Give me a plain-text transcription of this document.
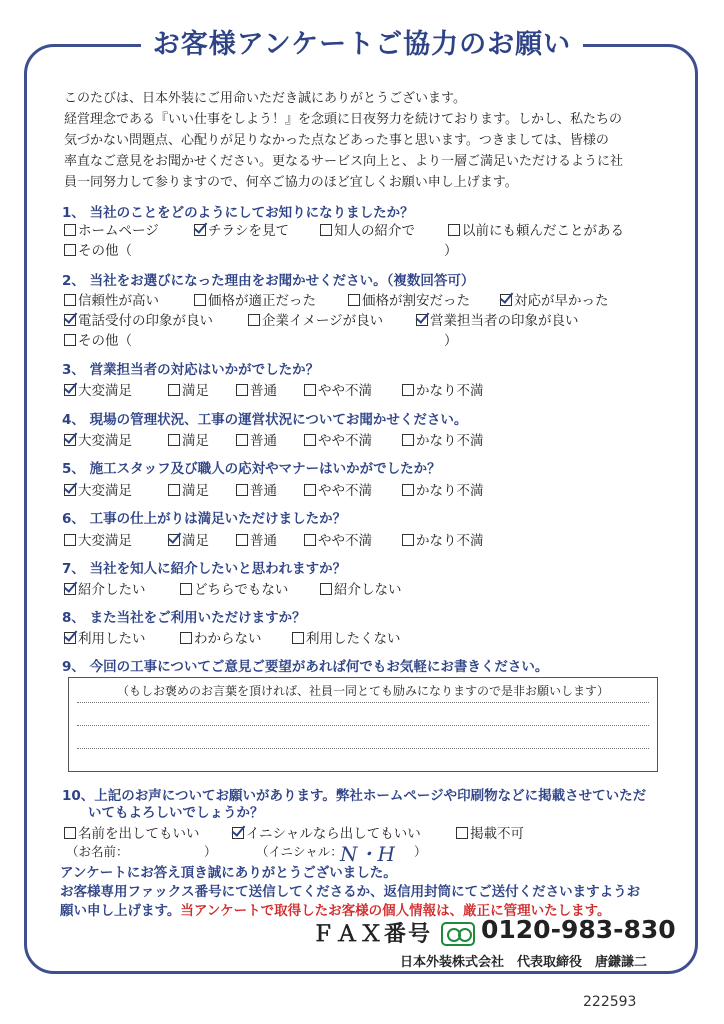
お客様アンケートご協力のお願い
このたびは、日本外装にご用命いただき誠にありがとうございます。
経営理念である『いい仕事をしよう！』を念頭に日夜努力を続けております。しかし、私たちの
気づかない問題点、心配りが足りなかった点などあった事と思います。つきましては、皆様の
率直なご意見をお聞かせください。更なるサービス向上と、より一層ご満足いただけるように社
員一同努力して参りますので、何卒ご協力のほど宜しくお願い申し上げます。
1、 当社のことをどのようにしてお知りになりましたか？
ホームページ	チラシを見て	知人の紹介で	以前にも頼んだことがある
その他（	）
2、 当社をお選びになった理由をお聞かせください。（複数回答可）
信頼性が高い	価格が適正だった	価格が割安だった	対応が早かった
電話受付の印象が良い	企業イメージが良い	営業担当者の印象が良い
その他（	）
3、 営業担当者の対応はいかがでしたか？
大変満足	満足	普通	やや不満	かなり不満
4、 現場の管理状況、工事の運営状況についてお聞かせください。
大変満足	満足	普通	やや不満	かなり不満
5、 施工スタッフ及び職人の応対やマナーはいかがでしたか？
大変満足	満足	普通	やや不満	かなり不満
6、 工事の仕上がりは満足いただけましたか？
大変満足	満足	普通	やや不満	かなり不満
7、 当社を知人に紹介したいと思われますか？
紹介したい	どちらでもない	紹介しない
8、 また当社をご利用いただけますか？
利用したい	わからない	利用したくない
9、 今回の工事についてご意見ご要望があれば何でもお気軽にお書きください。
（もしお褒めのお言葉を頂ければ、社員一同とても励みになりますので是非お願いします）
10、上記のお声についてお願いがあります。弊社ホームページや印刷物などに掲載させていただ
いてもよろしいでしょうか？
名前を出してもいい	イニシャルなら出してもいい	掲載不可
（お名前：	）	（イニシャル：
N・H ）
アンケートにお答え頂き誠にありがとうございました。
お客様専用ファックス番号にて送信してくださるか、返信用封筒にてご送付くださいますようお
願い申し上げます。当アンケートで取得したお客様の個人情報は、厳正に管理いたします。
ＦＡＸ番号 0120-983-830
日本外装株式会社　代表取締役　唐鎌謙二
222593
